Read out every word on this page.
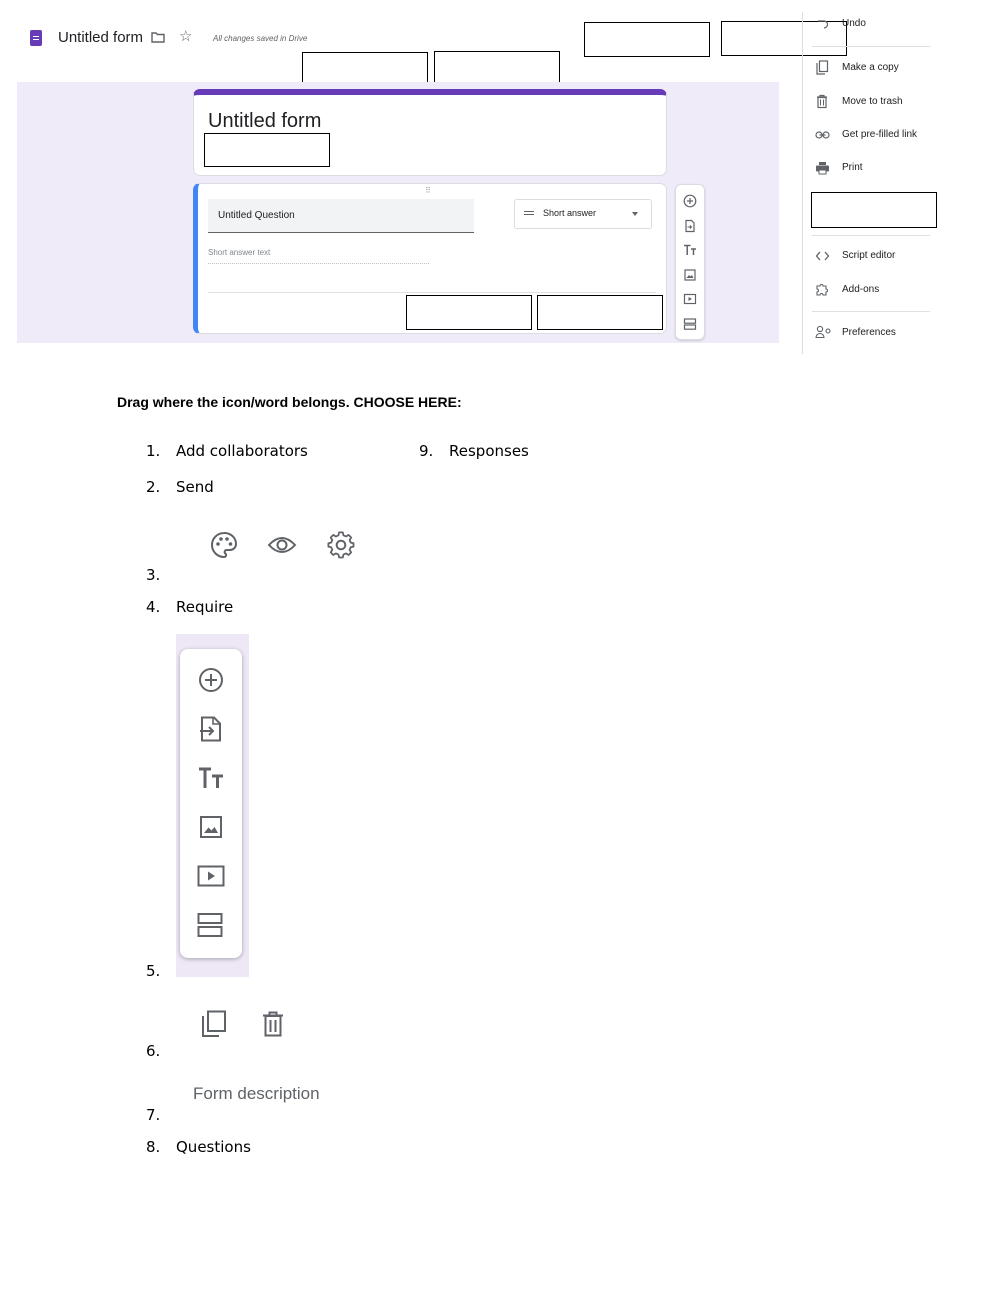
Untitled form ☆	All changes saved in Drive
Untitled form
⠿
Untitled Question	Short answer
Short answer text
Undo
Make a copy
Move to trash
Get pre-filled link
Print
Script editor
Add-ons
Preferences
Drag where the icon/word belongs. CHOOSE HERE:
1. Add collaborators	9. Responses
2. Send
3.
4. Require
5.
6.
Form description
7.
8. Questions
